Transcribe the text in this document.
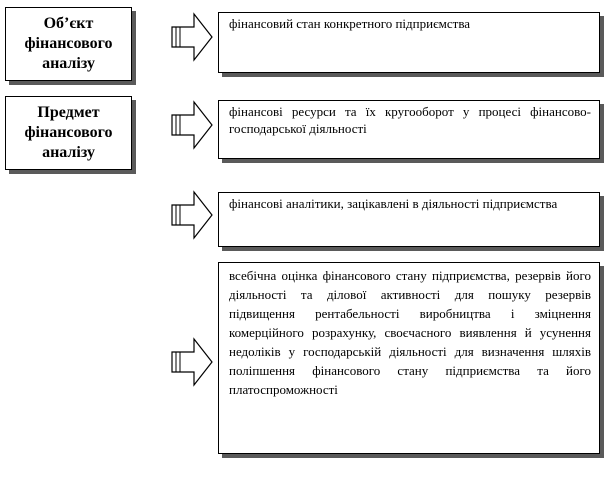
Об’єкт фінансового аналізу
Предмет фінансового аналізу
фінансовий стан конкретного підприємства
фінансові ресурси та їх кругооборот у процесі фінансово-господарської діяльності
фінансові аналітики, зацікавлені в діяльності підприємства
всебічна оцінка фінансового стану підприємства, резервів його діяльності та ділової активності для пошуку резервів підвищення рентабельності виробництва і зміцнення комерційного розрахунку, своєчасного виявлення й усунення недоліків у господарській діяльності для визначення шляхів поліпшення фінансового стану підприємства та його платоспроможності
